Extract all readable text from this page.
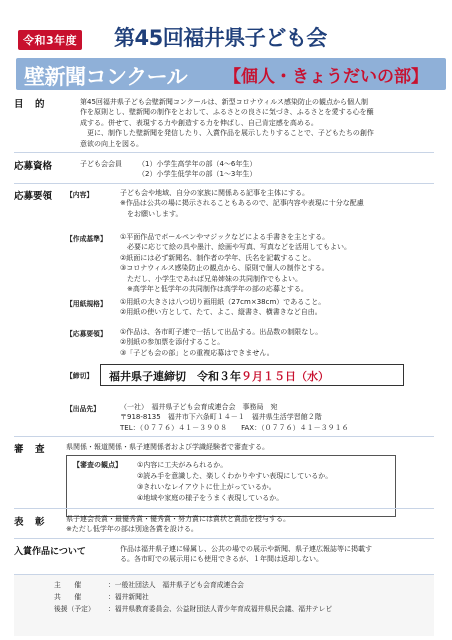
令和3年度 第45回福井県子ども会
壁新聞コンクール 【個人・きょうだいの部】
目　的	第45回福井県子ども会壁新聞コンクールは、新型コロナウィルス感染防止の観点から個人制
作を原則とし、壁新聞の制作をとおして、ふるさとの良さに気づき、ふるさとを愛する心を醸
成する。併せて、表現する力や創造する力を伸ばし、自己肯定感を高める。
　更に、制作した壁新聞を発信したり、入賞作品を展示したりすることで、子どもたちの創作
意欲の向上を図る。
応募資格	子ども会会員 （1）小学生高学年の部（4～6年生）
（2）小学生低学年の部（1～3年生）
応募要領 【内容】	子ども会や地域、自分の家族に関係ある記事を主体にする。
※作品は公共の場に掲示されることもあるので、記事内容や表現に十分な配慮
　をお願いします。
【作成基準】 ①平面作品でボールペンやマジックなどによる手書きを主とする。
　必要に応じて絵の具や墨汁、絵画や写真、写真などを活用してもよい。
②紙面には必ず新聞名、制作者の学年、氏名を記載すること。
③コロナウィルス感染防止の観点から、原則で個人の制作とする。
　ただし、小学生であれば兄弟姉妹の共同制作でもよい。
　※高学年と低学年の共同制作は高学年の部の応募とする。
【用紙規格】 ①用紙の大きさは八つ切り画用紙（27cm×38cm）であること。
②用紙の使い方として、たて、よこ、縦書き、横書きなど自由。
【応募要領】 ①作品は、各市町子連で一括して出品する。出品数の制限なし。
②別紙の参加票を添付すること。
③「子ども会の部」との重複応募はできません。
【締切】	福井県子連締切　令和３年９月１５日（水）
【出品先】	（一社）　福井県子ども会育成連合会　事務局　宛
〒918-8135　福井市下六条町１４－１　福井県生活学習館２階
TEL：（０７７６）４１－３９０８　　FAX：（０７７６）４１－３９１６
審　査	県関係・報道関係・県子連関係者および学識経験者で審査する。
【審査の観点】 ①内容に工夫がみられるか。
②読み手を意識した、楽しくわかりやすい表現にしているか。
③きれいなレイアウトに仕上がっているか。
④地域や家庭の様子をうまく表現しているか。
表　彰	県子連会長賞・最優秀賞・優秀賞・努力賞には賞状と賞品を授与する。
※ただし低学年の部は別途各賞を設ける。
入賞作品について	作品は福井県子連に帰属し、公共の場での展示や新聞、県子連広報誌等に掲載す
る。各市町での展示用にも使用できるが、１年間は返却しない。
主　　催	：一般社団法人　福井県子ども会育成連合会
共　　催	：福井新聞社
後援（予定） ：福井県教育委員会、公益財団法人青少年育成福井県民会議、福井テレビ
